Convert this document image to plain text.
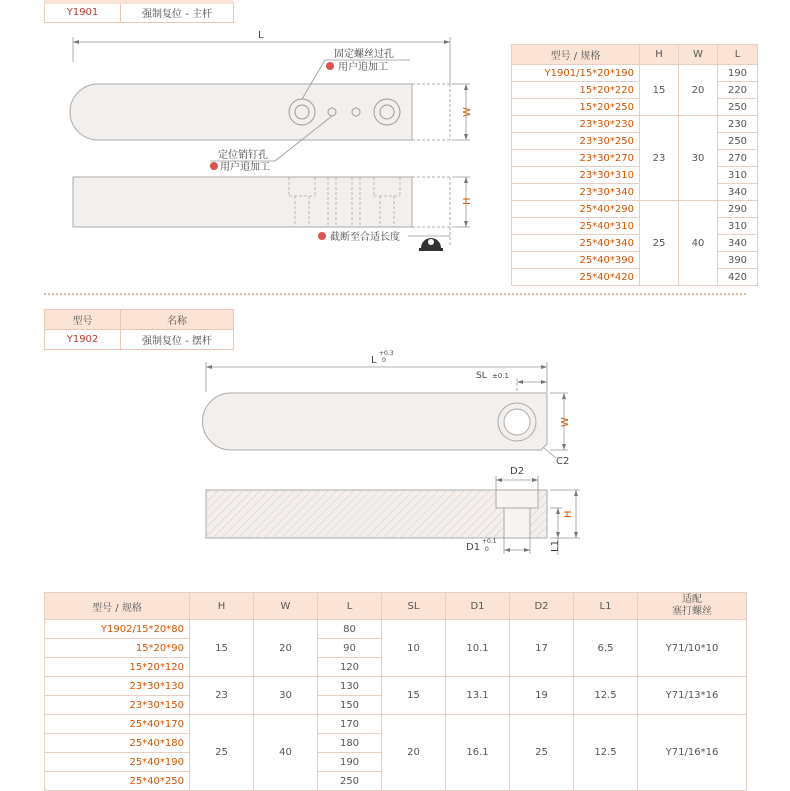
Y1901	强制复位 - 主杆
L
W
固定螺丝过孔
用户追加工
定位销钉孔
用户追加工
H
截断至合适长度
型号 / 规格	H	W	L
Y1901/15*20*190	15	20	190
15*20*220			220
15*20*250			250
23*30*230	23	30	230
23*30*250			250
23*30*270			270
23*30*310			310
23*30*340			340
25*40*290	25	40	290
25*40*310			310
25*40*340			340
25*40*390			390
25*40*420			420
型号	名称
Y1902	强制复位 - 摆杆
L
+0.3
0
SL ±0.1
W
C2
D2
D1
+0.1
0
H
L1
型号 / 规格	H	W	L	SL	D1	D2	L1	适配
塞打螺丝

Y1902/15*20*80	15	20	80	10	10.1	17	6.5	Y71/10*10
15*20*90			90					
15*20*120			120					
23*30*130	23	30	130	15	13.1	19	12.5	Y71/13*16
23*30*150			150					
25*40*170	25	40	170	20	16.1	25	12.5	Y71/16*16
25*40*180			180					
25*40*190			190					
25*40*250			250					
